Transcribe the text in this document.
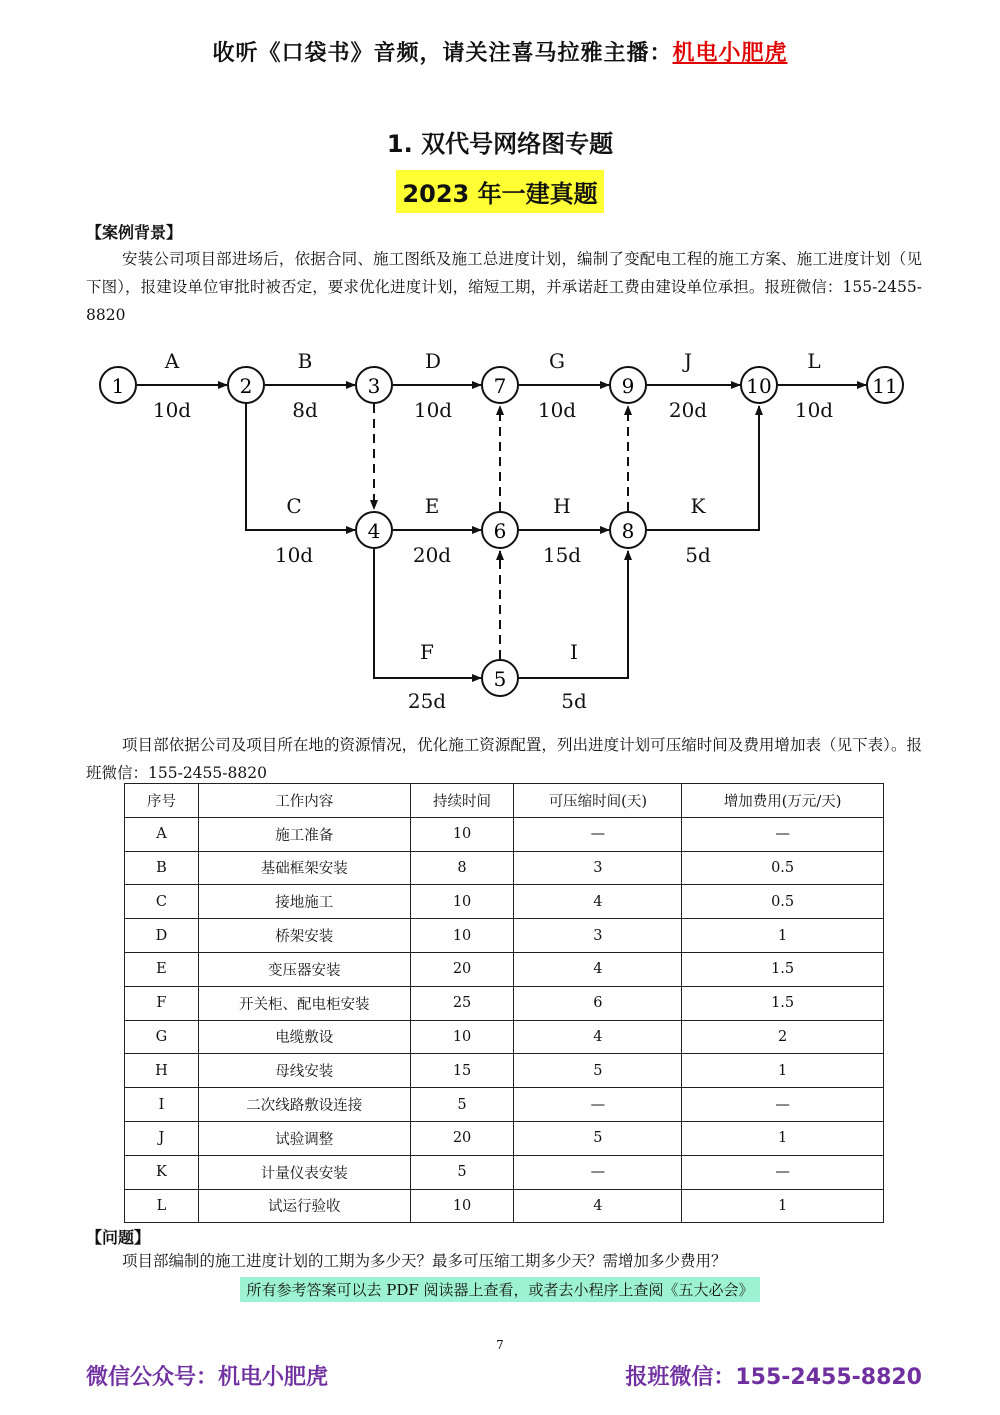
收听《口袋书》音频，请关注喜马拉雅主播：机电小肥虎
1. 双代号网络图专题
2023 年一建真题
【案例背景】
安装公司项目部进场后，依据合同、施工图纸及施工总进度计划，编制了变配电工程的施工方案、施工进度计划（见下图），报建设单位审批时被否定，要求优化进度计划，缩短工期，并承诺赶工费由建设单位承担。报班微信：155-2455-8820
1	2	3
4
5
6
7
8
9	10	11
A
10d
B
8d
D
10d
G
10d
J
20d
L
10d
C
10d
E
20d
H
15d
K
5d
F
25d
I
5d
项目部依据公司及项目所在地的资源情况，优化施工资源配置，列出进度计划可压缩时间及费用增加表（见下表）。报班微信：155-2455-8820
序号	工作内容	持续时间	可压缩时间(天)	增加费用(万元/天)
A	施工准备	10	—	—
B	基础框架安装	8	3	0.5
C	接地施工	10	4	0.5
D	桥架安装	10	3	1
E	变压器安装	20	4	1.5
F	开关柜、配电柜安装	25	6	1.5
G	电缆敷设	10	4	2
H	母线安装	15	5	1
I	二次线路敷设连接	5	—	—
J	试验调整	20	5	1
K	计量仪表安装	5	—	—
L	试运行验收	10	4	1
【问题】
项目部编制的施工进度计划的工期为多少天？最多可压缩工期多少天？需增加多少费用？
所有参考答案可以去 PDF 阅读器上查看，或者去小程序上查阅《五大必会》
7
微信公众号：机电小肥虎	报班微信：155-2455-8820
